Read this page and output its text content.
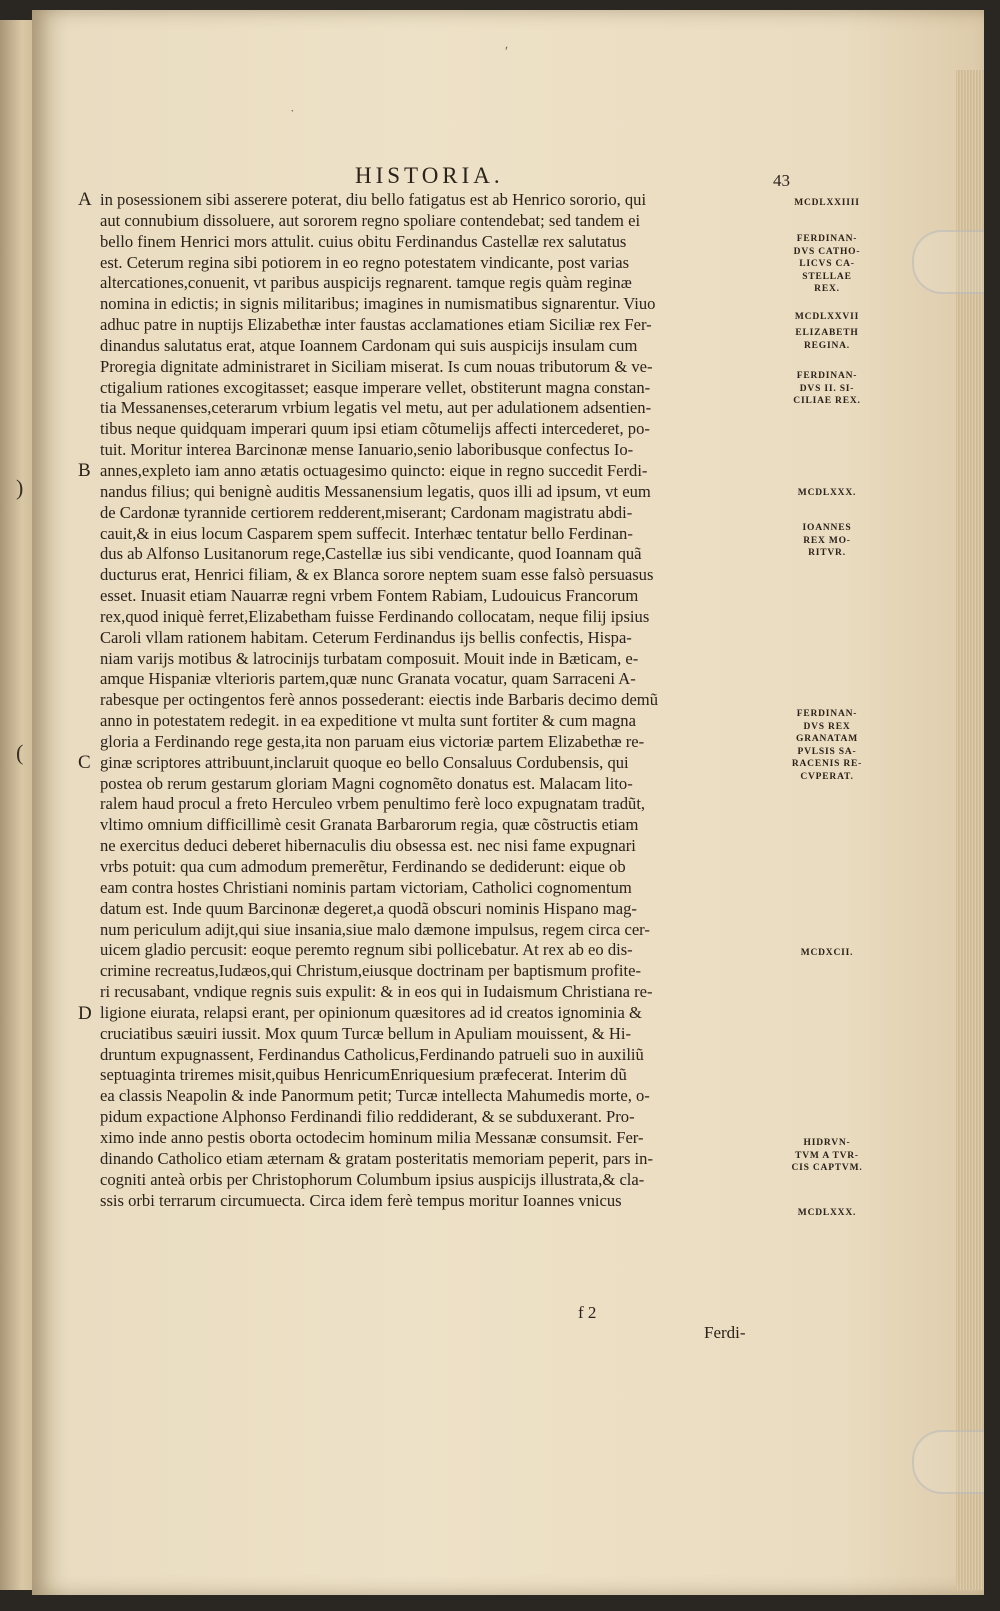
)
(
ʹ
˙
HISTORIA.	43
A
B
C
D
in posessionem sibi asserere poterat, diu bello fatigatus est ab Henrico sororio, qui
aut connubium dissoluere, aut sororem regno spoliare contendebat; sed tandem ei
bello finem Henrici mors attulit. cuius obitu Ferdinandus Castellæ rex salutatus
est. Ceterum regina sibi potiorem in eo regno potestatem vindicante, post varias
altercationes,conuenit, vt paribus auspicijs regnarent. tamque regis quàm reginæ
nomina in edictis; in signis militaribus; imagines in numismatibus signarentur. Viuo
adhuc patre in nuptijs Elizabethæ inter faustas acclamationes etiam Siciliæ rex Fer-
dinandus salutatus erat, atque Ioannem Cardonam qui suis auspicijs insulam cum
Proregia dignitate administraret in Siciliam miserat. Is cum nouas tributorum & ve-
ctigalium rationes excogitasset; easque imperare vellet, obstiterunt magna constan-
tia Messanenses,ceterarum vrbium legatis vel metu, aut per adulationem adsentien-
tibus neque quidquam imperari quum ipsi etiam cõtumelijs affecti intercederet, po-
tuit. Moritur interea Barcinonæ mense Ianuario,senio laboribusque confectus Io-
annes,expleto iam anno ætatis octuagesimo quincto: eique in regno succedit Ferdi-
nandus filius; qui benignè auditis Messanensium legatis, quos illi ad ipsum, vt eum
de Cardonæ tyrannide certiorem redderent,miserant; Cardonam magistratu abdi-
cauit,& in eius locum Casparem spem suffecit. Interhæc tentatur bello Ferdinan-
dus ab Alfonso Lusitanorum rege,Castellæ ius sibi vendicante, quod Ioannam quã
ducturus erat, Henrici filiam, & ex Blanca sorore neptem suam esse falsò persuasus
esset. Inuasit etiam Nauarræ regni vrbem Fontem Rabiam, Ludouicus Francorum
rex,quod iniquè ferret,Elizabetham fuisse Ferdinando collocatam, neque filij ipsius
Caroli vllam rationem habitam. Ceterum Ferdinandus ijs bellis confectis, Hispa-
niam varijs motibus & latrocinijs turbatam composuit. Mouit inde in Bæticam, e-
amque Hispaniæ vlterioris partem,quæ nunc Granata vocatur, quam Sarraceni A-
rabesque per octingentos ferè annos possederant: eiectis inde Barbaris decimo demũ
anno in potestatem redegit. in ea expeditione vt multa sunt fortiter & cum magna
gloria a Ferdinando rege gesta,ita non paruam eius victoriæ partem Elizabethæ re-
ginæ scriptores attribuunt,inclaruit quoque eo bello Consaluus Cordubensis, qui
postea ob rerum gestarum gloriam Magni cognomẽto donatus est. Malacam lito-
ralem haud procul a freto Herculeo vrbem penultimo ferè loco expugnatam tradũt,
vltimo omnium difficillimè cesit Granata Barbarorum regia, quæ cõstructis etiam
ne exercitus deduci deberet hibernaculis diu obsessa est. nec nisi fame expugnari
vrbs potuit: qua cum admodum premerẽtur, Ferdinando se dediderunt: eique ob
eam contra hostes Christiani nominis partam victoriam, Catholici cognomentum
datum est. Inde quum Barcinonæ degeret,a quodã obscuri nominis Hispano mag-
num periculum adijt,qui siue insania,siue malo dæmone impulsus, regem circa cer-
uicem gladio percusit: eoque peremto regnum sibi pollicebatur. At rex ab eo dis-
crimine recreatus,Iudæos,qui Christum,eiusque doctrinam per baptismum profite-
ri recusabant, vndique regnis suis expulit: & in eos qui in Iudaismum Christiana re-
ligione eiurata, relapsi erant, per opinionum quæsitores ad id creatos ignominia &
cruciatibus sæuiri iussit. Mox quum Turcæ bellum in Apuliam mouissent, & Hi-
druntum expugnassent, Ferdinandus Catholicus,Ferdinando patrueli suo in auxiliũ
septuaginta triremes misit,quibus HenricumEnriquesium præfecerat. Interim dũ
ea classis Neapolin & inde Panormum petit; Turcæ intellecta Mahumedis morte, o-
pidum expactione Alphonso Ferdinandi filio reddiderant, & se subduxerant. Pro-
ximo inde anno pestis oborta octodecim hominum milia Messanæ consumsit. Fer-
dinando Catholico etiam æternam & gratam posteritatis memoriam peperit, pars in-
cogniti anteà orbis per Christophorum Columbum ipsius auspicijs illustrata,& cla-
ssis orbi terrarum circumuecta. Circa idem ferè tempus moritur Ioannes vnicus
MCDLXXIIII
FERDINAN-
DVS CATHO-
LICVS CA-
STELLAE
REX.
MCDLXXVII
ELIZABETH
REGINA.
FERDINAN-
DVS II. SI-
CILIAE REX.
MCDLXXX.
IOANNES
REX MO-
RITVR.
FERDINAN-
DVS REX
GRANATAM
PVLSIS SA-
RACENIS RE-
CVPERAT.
MCDXCII.
HIDRVN-
TVM A TVR-
CIS CAPTVM.
MCDLXXX.
f 2
Ferdi-
